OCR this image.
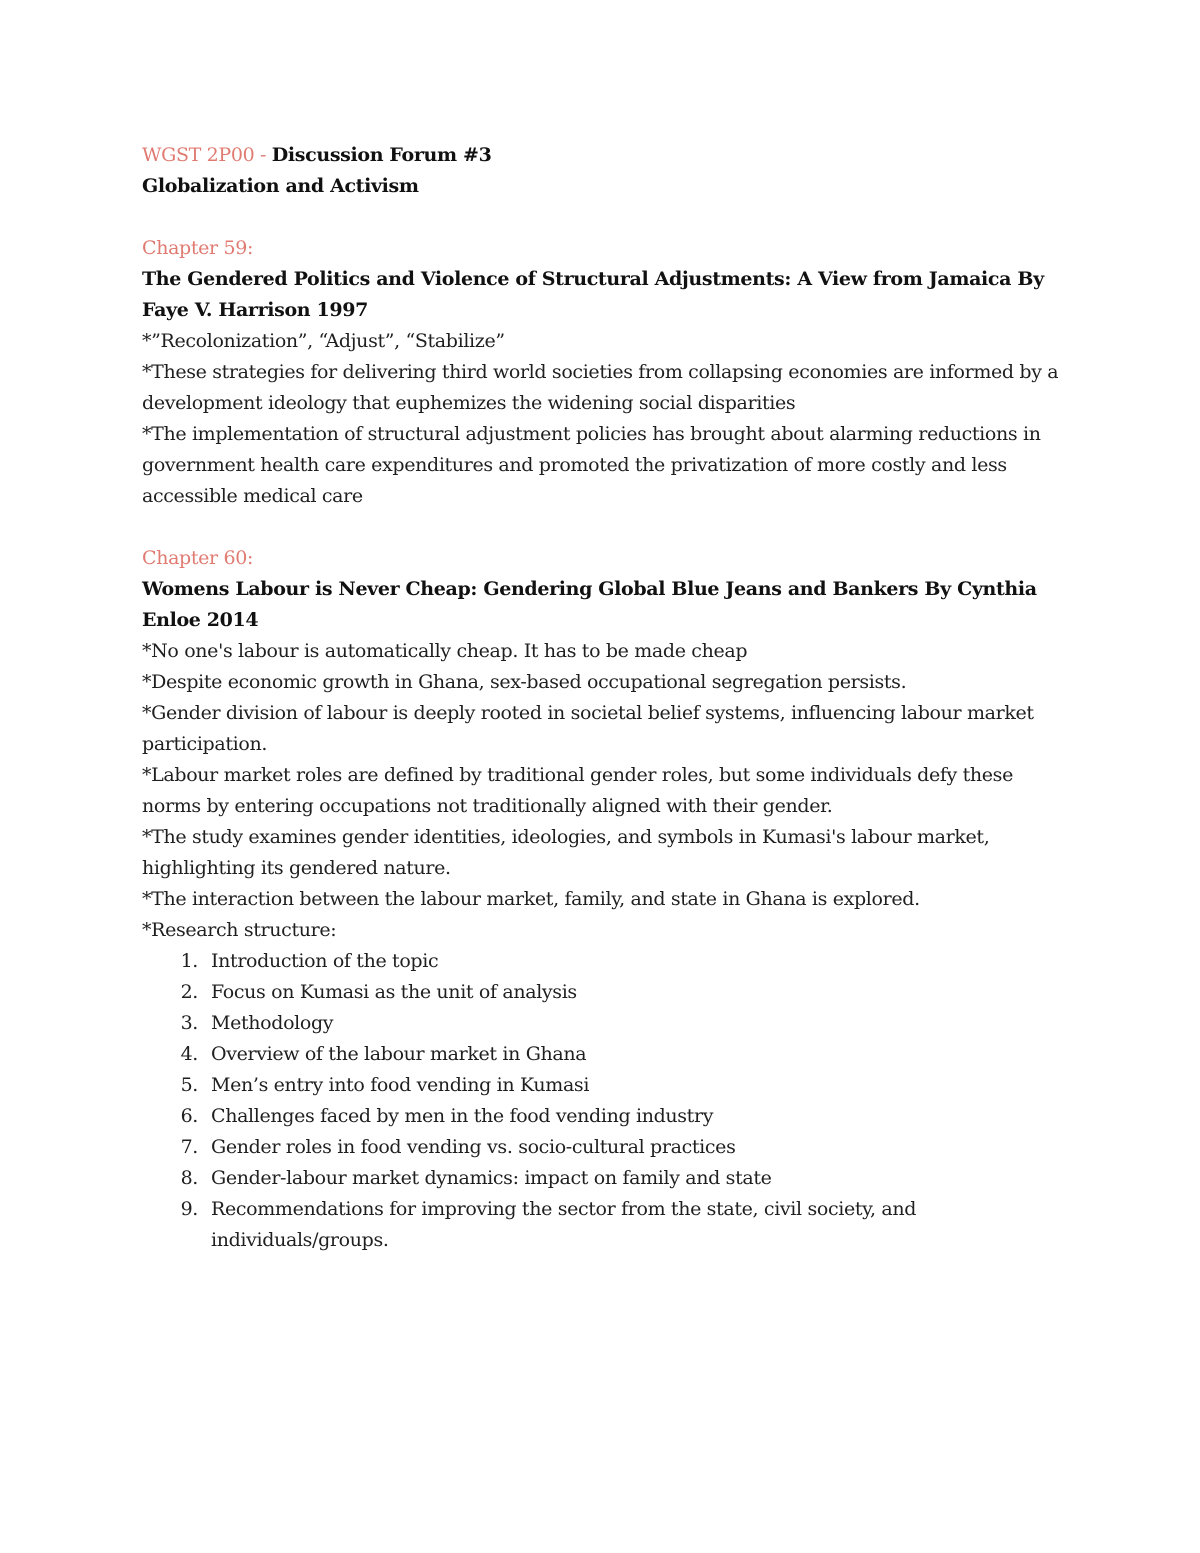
WGST 2P00 - Discussion Forum #3

Globalization and Activism

Chapter 59:

The Gendered Politics and Violence of Structural Adjustments: A View from Jamaica By Faye V. Harrison 1997

*”Recolonization”, “Adjust”, “Stabilize”

*These strategies for delivering third world societies from collapsing economies are informed by a development ideology that euphemizes the widening social disparities

*The implementation of structural adjustment policies has brought about alarming reductions in government health care expenditures and promoted the privatization of more costly and less accessible medical care

Chapter 60:

Womens Labour is Never Cheap: Gendering Global Blue Jeans and Bankers By Cynthia Enloe 2014

*No one's labour is automatically cheap. It has to be made cheap

*Despite economic growth in Ghana, sex-based occupational segregation persists.

*Gender division of labour is deeply rooted in societal belief systems, influencing labour market participation.

*Labour market roles are defined by traditional gender roles, but some individuals defy these norms by entering occupations not traditionally aligned with their gender.

*The study examines gender identities, ideologies, and symbols in Kumasi's labour market, highlighting its gendered nature.

*The interaction between the labour market, family, and state in Ghana is explored.

*Research structure:

1. Introduction of the topic
2. Focus on Kumasi as the unit of analysis
3. Methodology
4. Overview of the labour market in Ghana
5. Men’s entry into food vending in Kumasi
6. Challenges faced by men in the food vending industry
7. Gender roles in food vending vs. socio-cultural practices
8. Gender-labour market dynamics: impact on family and state
9. Recommendations for improving the sector from the state, civil society, and individuals/groups.
